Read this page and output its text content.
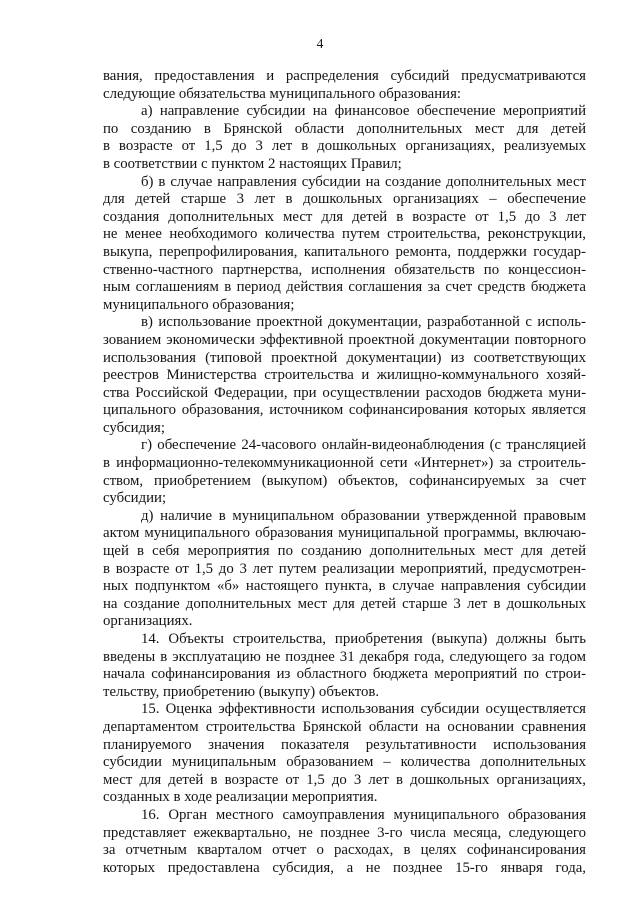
4
вания, предоставления и распределения субсидий предусматриваются
следующие обязательства муниципального образования:
а) направление субсидии на финансовое обеспечение мероприятий
по созданию в Брянской области дополнительных мест для детей
в возрасте от 1,5 до 3 лет в дошкольных организациях, реализуемых
в соответствии с пунктом 2 настоящих Правил;
б) в случае направления субсидии на создание дополнительных мест
для детей старше 3 лет в дошкольных организациях – обеспечение
создания дополнительных мест для детей в возрасте от 1,5 до 3 лет
не менее необходимого количества путем строительства, реконструкции,
выкупа, перепрофилирования, капитального ремонта, поддержки государ-
ственно-частного партнерства, исполнения обязательств по концессион-
ным соглашениям в период действия соглашения за счет средств бюджета
муниципального образования;
в) использование проектной документации, разработанной с исполь-
зованием экономически эффективной проектной документации повторного
использования (типовой проектной документации) из соответствующих
реестров Министерства строительства и жилищно-коммунального хозяй-
ства Российской Федерации, при осуществлении расходов бюджета муни-
ципального образования, источником софинансирования которых является
субсидия;
г) обеспечение 24-часового онлайн-видеонаблюдения (с трансляцией
в информационно-телекоммуникационной сети «Интернет») за строитель-
ством, приобретением (выкупом) объектов, софинансируемых за счет
субсидии;
д) наличие в муниципальном образовании утвержденной правовым
актом муниципального образования муниципальной программы, включаю-
щей в себя мероприятия по созданию дополнительных мест для детей
в возрасте от 1,5 до 3 лет путем реализации мероприятий, предусмотрен-
ных подпунктом «б» настоящего пункта, в случае направления субсидии
на создание дополнительных мест для детей старше 3 лет в дошкольных
организациях.
14. Объекты строительства, приобретения (выкупа) должны быть
введены в эксплуатацию не позднее 31 декабря года, следующего за годом
начала софинансирования из областного бюджета мероприятий по строи-
тельству, приобретению (выкупу) объектов.
15. Оценка эффективности использования субсидии осуществляется
департаментом строительства Брянской области на основании сравнения
планируемого значения показателя результативности использования
субсидии муниципальным образованием – количества дополнительных
мест для детей в возрасте от 1,5 до 3 лет в дошкольных организациях,
созданных в ходе реализации мероприятия.
16. Орган местного самоуправления муниципального образования
представляет ежеквартально, не позднее 3-го числа месяца, следующего
за отчетным кварталом отчет о расходах, в целях софинансирования
которых предоставлена субсидия, а не позднее 15-го января года,
